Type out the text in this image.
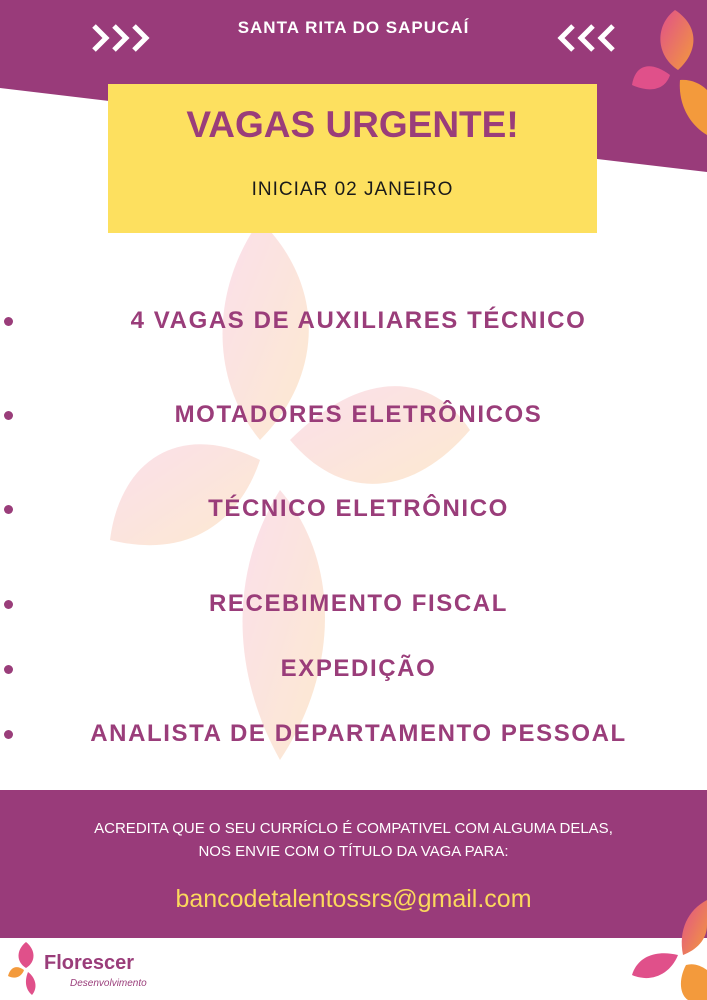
SANTA RITA DO SAPUCAÍ
VAGAS URGENTE!
INICIAR 02 JANEIRO
4 VAGAS DE AUXILIARES TÉCNICO
MOTADORES ELETRÔNICOS
TÉCNICO ELETRÔNICO
RECEBIMENTO FISCAL
EXPEDIÇÃO
ANALISTA DE DEPARTAMENTO PESSOAL
ACREDITA QUE O SEU CURRÍCLO É COMPATIVEL COM ALGUMA DELAS,
NOS ENVIE COM O TÍTULO DA VAGA PARA:
bancodetalentossrs@gmail.com
Florescer
Desenvolvimento
